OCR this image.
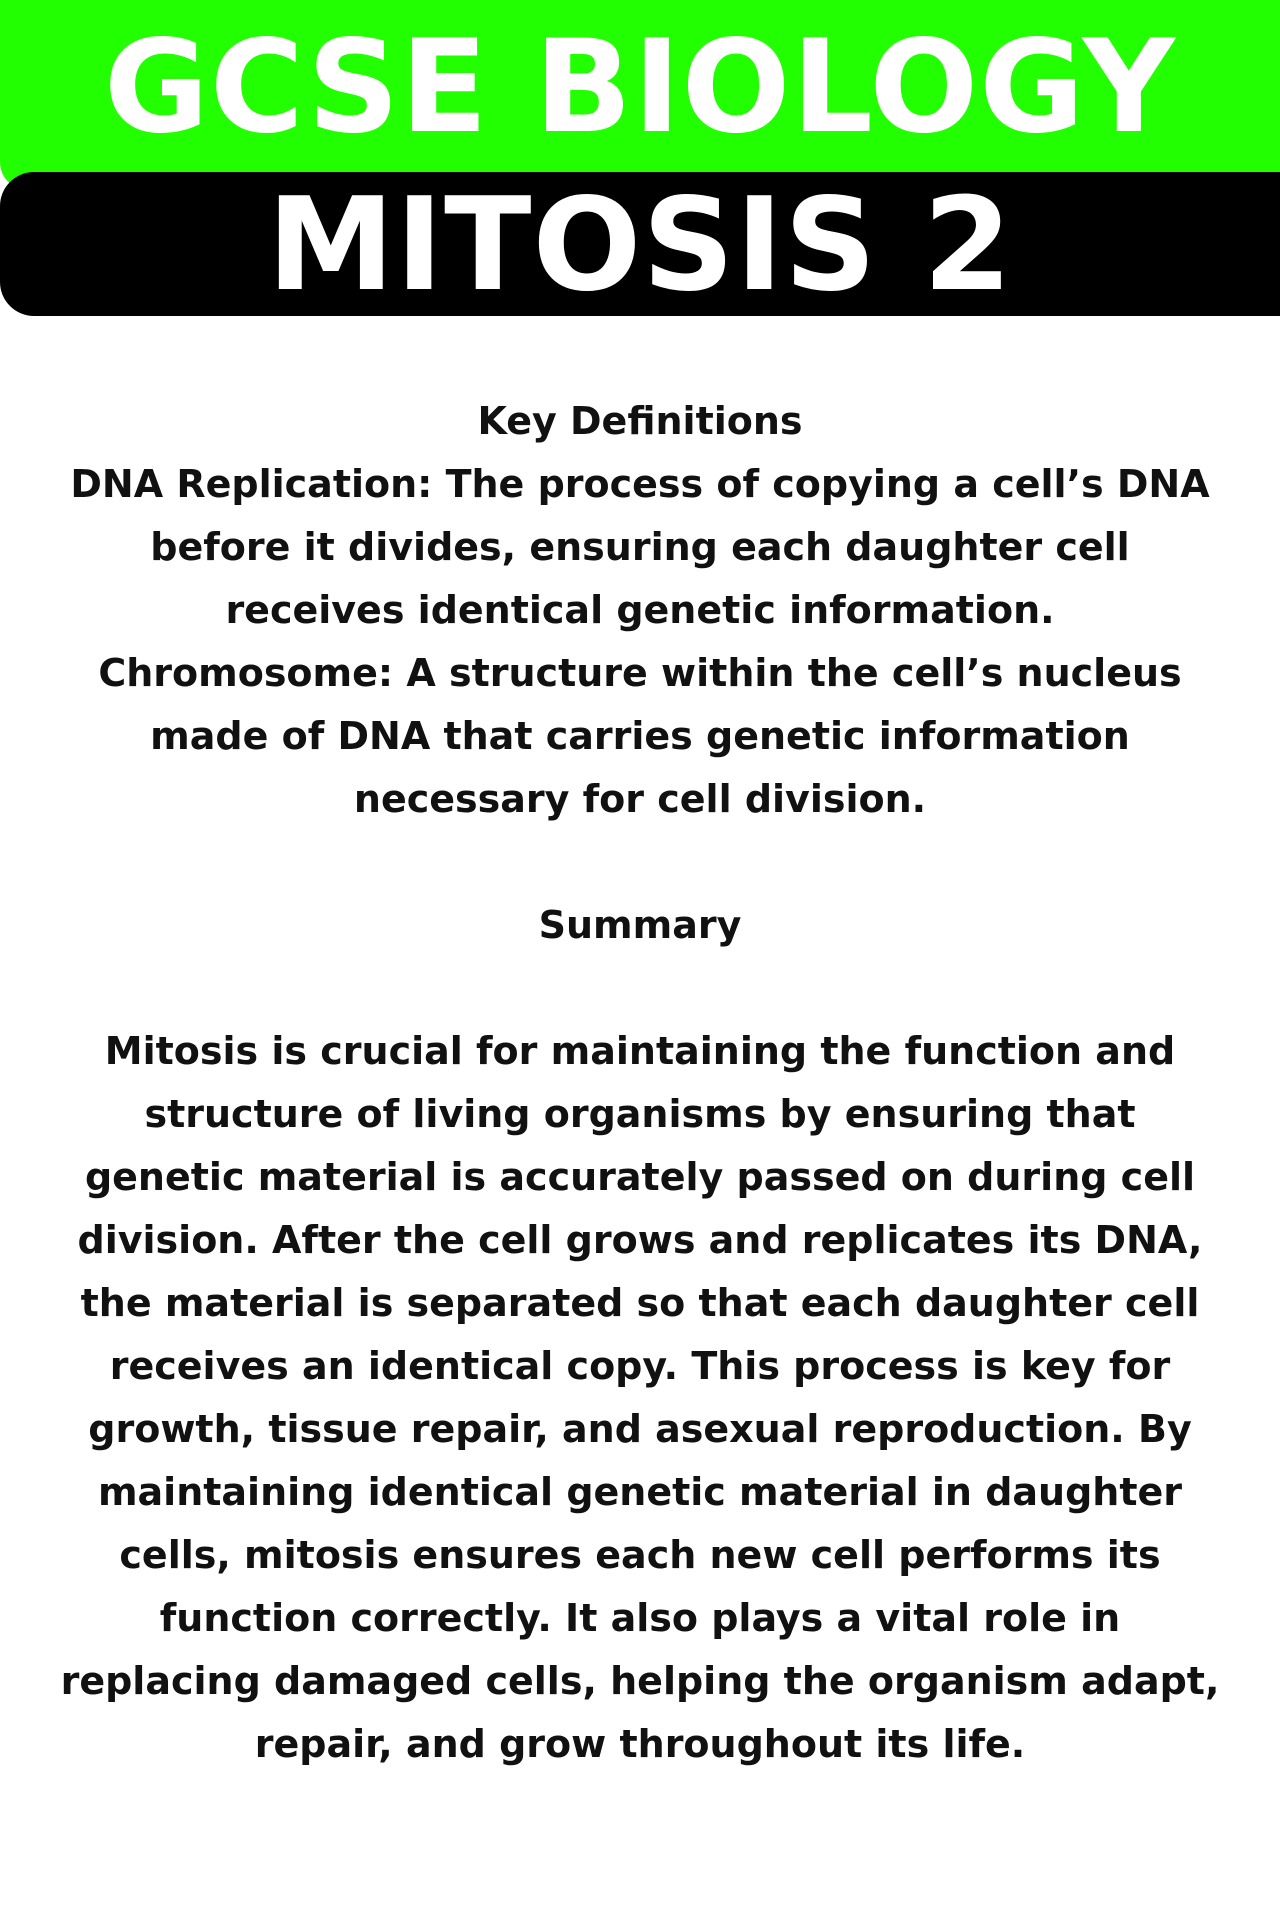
GCSE BIOLOGY
MITOSIS 2

Key Definitions

DNA Replication: The process of copying a cell’s DNA before it divides, ensuring each daughter cell receives identical genetic information.

Chromosome: A structure within the cell’s nucleus made of DNA that carries genetic information necessary for cell division.

Summary

Mitosis is crucial for maintaining the function and structure of living organisms by ensuring that genetic material is accurately passed on during cell division. After the cell grows and replicates its DNA, the material is separated so that each daughter cell receives an identical copy. This process is key for growth, tissue repair, and asexual reproduction. By maintaining identical genetic material in daughter cells, mitosis ensures each new cell performs its function correctly. It also plays a vital role in replacing damaged cells, helping the organism adapt, repair, and grow throughout its life.
